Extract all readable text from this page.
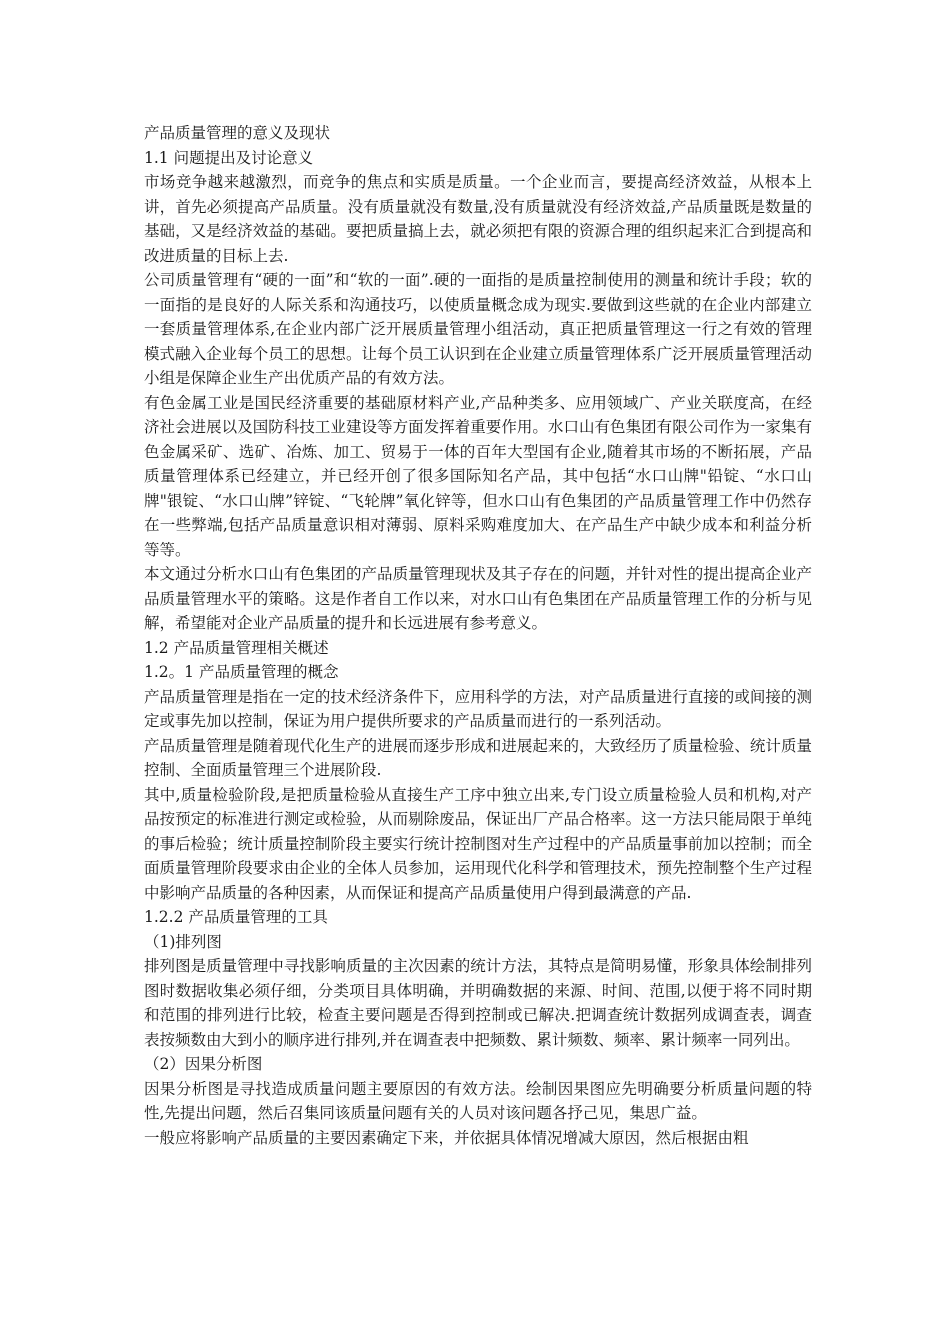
产品质量管理的意义及现状

1.1 问题提出及讨论意义

市场竞争越来越激烈，而竞争的焦点和实质是质量。一个企业而言，要提高经济效益，从根本上讲，首先必须提高产品质量。没有质量就没有数量,没有质量就没有经济效益,产品质量既是数量的基础，又是经济效益的基础。要把质量搞上去，就必须把有限的资源合理的组织起来汇合到提高和改进质量的目标上去.

公司质量管理有“硬的一面”和“软的一面”.硬的一面指的是质量控制使用的测量和统计手段；软的一面指的是良好的人际关系和沟通技巧，以使质量概念成为现实.要做到这些就的在企业内部建立一套质量管理体系,在企业内部广泛开展质量管理小组活动，真正把质量管理这一行之有效的管理模式融入企业每个员工的思想。让每个员工认识到在企业建立质量管理体系广泛开展质量管理活动小组是保障企业生产出优质产品的有效方法。

有色金属工业是国民经济重要的基础原材料产业,产品种类多、应用领域广、产业关联度高，在经济社会进展以及国防科技工业建设等方面发挥着重要作用。水口山有色集团有限公司作为一家集有色金属采矿、选矿、冶炼、加工、贸易于一体的百年大型国有企业,随着其市场的不断拓展，产品质量管理体系已经建立，并已经开创了很多国际知名产品，其中包括“水口山牌"铅锭、“水口山牌"银锭、“水口山牌”锌锭、“飞轮牌”氧化锌等，但水口山有色集团的产品质量管理工作中仍然存在一些弊端,包括产品质量意识相对薄弱、原料采购难度加大、在产品生产中缺少成本和利益分析等等。

本文通过分析水口山有色集团的产品质量管理现状及其子存在的问题，并针对性的提出提高企业产品质量管理水平的策略。这是作者自工作以来，对水口山有色集团在产品质量管理工作的分析与见解，希望能对企业产品质量的提升和长远进展有参考意义。

1.2 产品质量管理相关概述

1.2。1 产品质量管理的概念

产品质量管理是指在一定的技术经济条件下，应用科学的方法，对产品质量进行直接的或间接的测定或事先加以控制，保证为用户提供所要求的产品质量而进行的一系列活动。

产品质量管理是随着现代化生产的进展而逐步形成和进展起来的，大致经历了质量检验、统计质量控制、全面质量管理三个进展阶段.

其中,质量检验阶段,是把质量检验从直接生产工序中独立出来,专门设立质量检验人员和机构,对产品按预定的标准进行测定或检验，从而剔除废品，保证出厂产品合格率。这一方法只能局限于单纯的事后检验；统计质量控制阶段主要实行统计控制图对生产过程中的产品质量事前加以控制；而全面质量管理阶段要求由企业的全体人员参加，运用现代化科学和管理技术，预先控制整个生产过程中影响产品质量的各种因素，从而保证和提高产品质量使用户得到最满意的产品.

1.2.2 产品质量管理的工具

（1)排列图

排列图是质量管理中寻找影响质量的主次因素的统计方法，其特点是简明易懂，形象具体绘制排列图时数据收集必须仔细，分类项目具体明确，并明确数据的来源、时间、范围,以便于将不同时期和范围的排列进行比较，检查主要问题是否得到控制或已解决.把调查统计数据列成调查表，调查表按频数由大到小的顺序进行排列,并在调查表中把频数、累计频数、频率、累计频率一同列出。

（2）因果分析图

因果分析图是寻找造成质量问题主要原因的有效方法。绘制因果图应先明确要分析质量问题的特性,先提出问题，然后召集同该质量问题有关的人员对该问题各抒己见，集思广益。

一般应将影响产品质量的主要因素确定下来，并依据具体情况增减大原因，然后根据由粗
